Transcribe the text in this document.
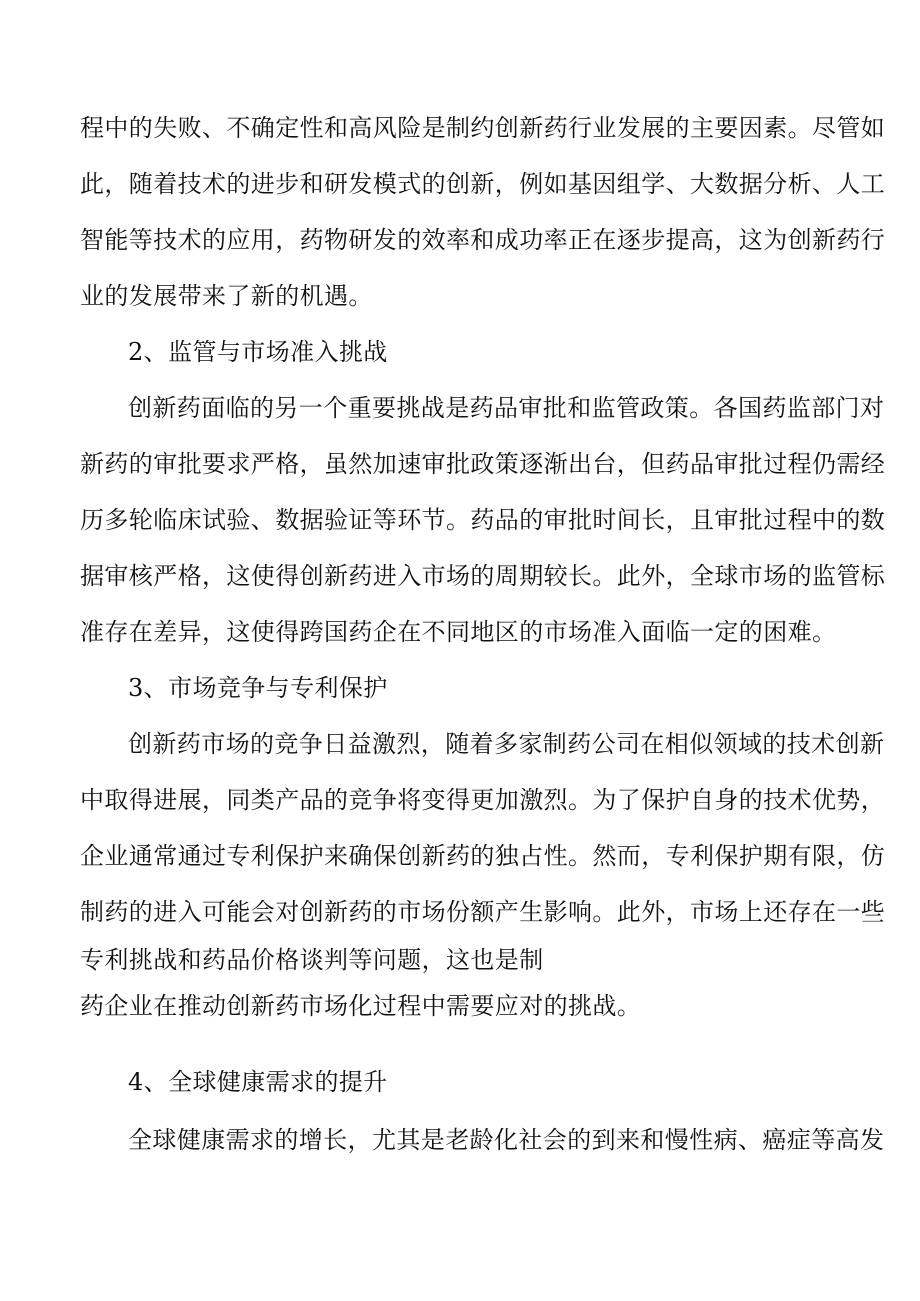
程中的失败、不确定性和高风险是制约创新药行业发展的主要因素。尽管如
此，随着技术的进步和研发模式的创新，例如基因组学、大数据分析、人工
智能等技术的应用，药物研发的效率和成功率正在逐步提高，这为创新药行
业的发展带来了新的机遇。
2、监管与市场准入挑战
创新药面临的另一个重要挑战是药品审批和监管政策。各国药监部门对
新药的审批要求严格，虽然加速审批政策逐渐出台，但药品审批过程仍需经
历多轮临床试验、数据验证等环节。药品的审批时间长，且审批过程中的数
据审核严格，这使得创新药进入市场的周期较长。此外，全球市场的监管标
准存在差异，这使得跨国药企在不同地区的市场准入面临一定的困难。
3、市场竞争与专利保护
创新药市场的竞争日益激烈，随着多家制药公司在相似领域的技术创新
中取得进展，同类产品的竞争将变得更加激烈。为了保护自身的技术优势，
企业通常通过专利保护来确保创新药的独占性。然而，专利保护期有限，仿
制药的进入可能会对创新药的市场份额产生影响。此外，市场上还存在一些
专利挑战和药品价格谈判等问题，这也是制
药企业在推动创新药市场化过程中需要应对的挑战。
4、全球健康需求的提升
全球健康需求的增长，尤其是老龄化社会的到来和慢性病、癌症等高发
